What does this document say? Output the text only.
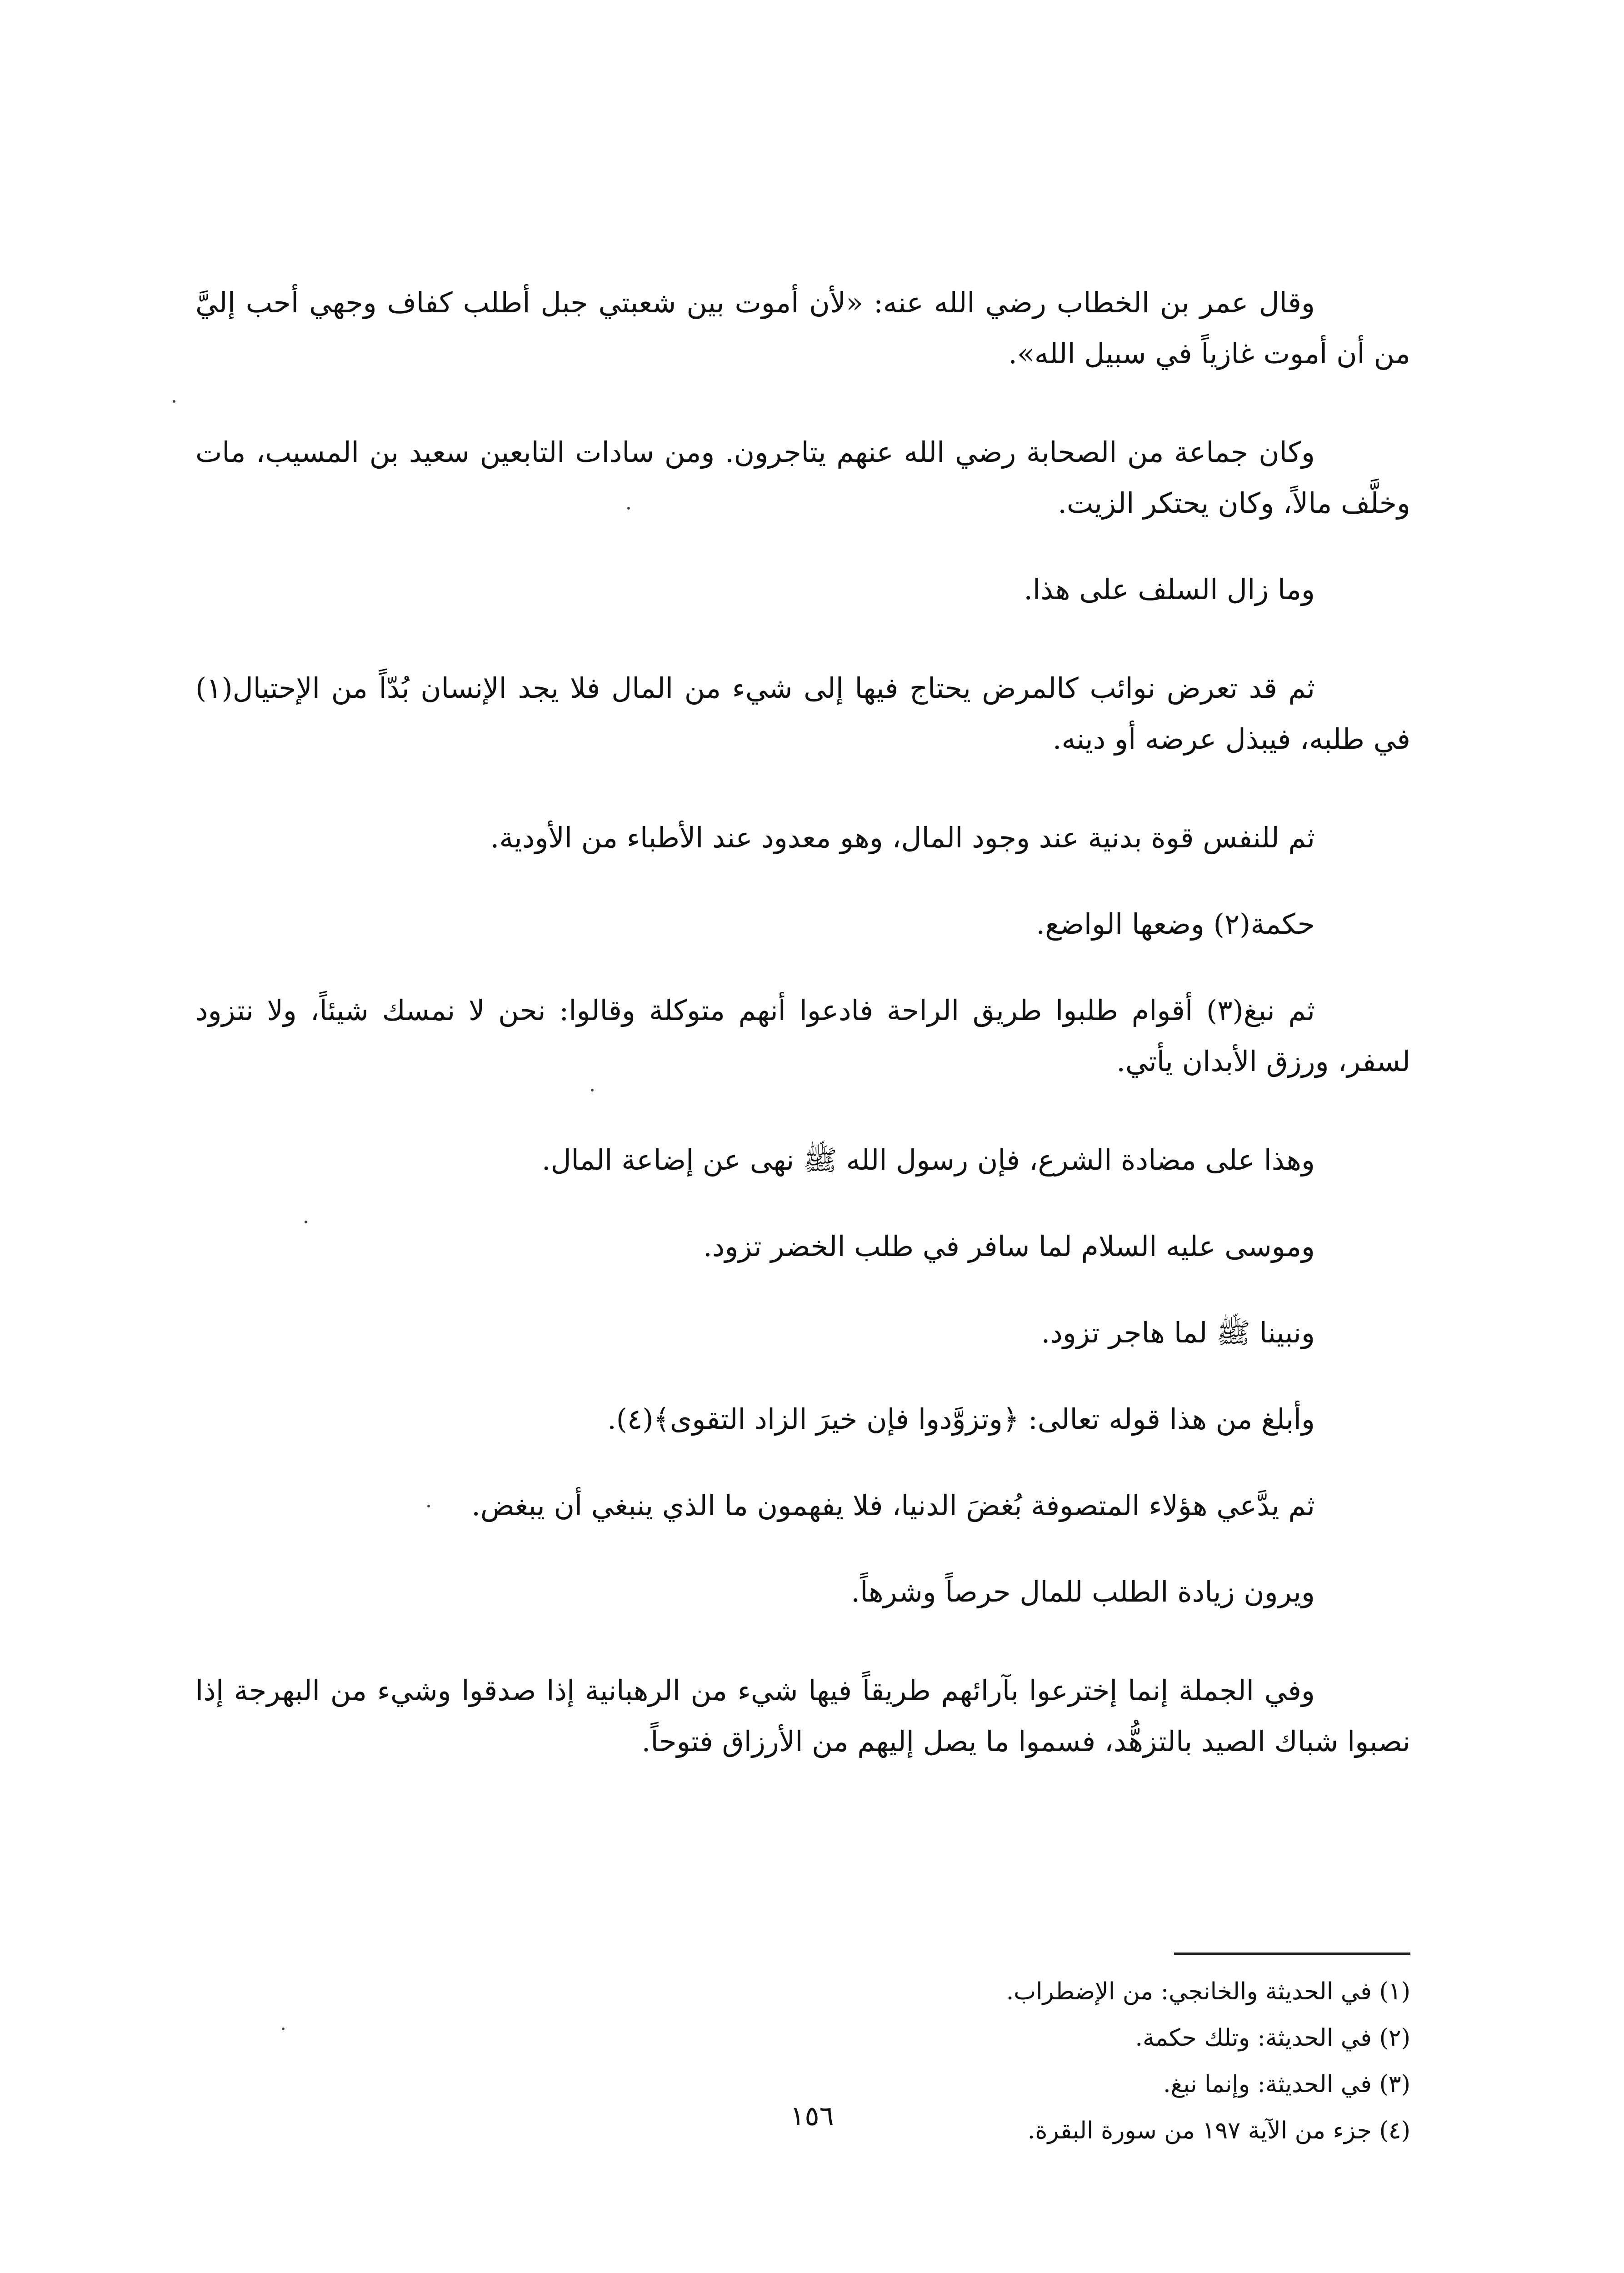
وقال عمر بن الخطاب رضي الله عنه: «لأن أموت بين شعبتي جبل أطلب كفاف وجهي أحب إليَّ من أن أموت غازياً في سبيل الله».

وكان جماعة من الصحابة رضي الله عنهم يتاجرون. ومن سادات التابعين سعيد بن المسيب، مات وخلَّف مالاً، وكان يحتكر الزيت.

وما زال السلف على هذا.

ثم قد تعرض نوائب كالمرض يحتاج فيها إلى شيء من المال فلا يجد الإنسان بُدّاً من الإحتيال(١) في طلبه، فيبذل عرضه أو دينه.

ثم للنفس قوة بدنية عند وجود المال، وهو معدود عند الأطباء من الأودية.

حكمة(٢) وضعها الواضع.

ثم نبغ(٣) أقوام طلبوا طريق الراحة فادعوا أنهم متوكلة وقالوا: نحن لا نمسك شيئاً، ولا نتزود لسفر، ورزق الأبدان يأتي.

وهذا على مضادة الشرع، فإن رسول الله ﷺ نهى عن إضاعة المال.

وموسى عليه السلام لما سافر في طلب الخضر تزود.

ونبينا ﷺ لما هاجر تزود.

وأبلغ من هذا قوله تعالى: ﴿وتزوَّدوا فإن خيرَ الزاد التقوى﴾(٤).

ثم يدَّعي هؤلاء المتصوفة بُغضَ الدنيا، فلا يفهمون ما الذي ينبغي أن يبغض.

ويرون زيادة الطلب للمال حرصاً وشرهاً.

وفي الجملة إنما إخترعوا بآرائهم طريقاً فيها شيء من الرهبانية إذا صدقوا وشيء من البهرجة إذا نصبوا شباك الصيد بالتزهُّد، فسموا ما يصل إليهم من الأرزاق فتوحاً.

(١) في الحديثة والخانجي: من الإضطراب.

(٢) في الحديثة: وتلك حكمة.

(٣) في الحديثة: وإنما نبغ.

(٤) جزء من الآية ١٩٧ من سورة البقرة.

١٥٦
